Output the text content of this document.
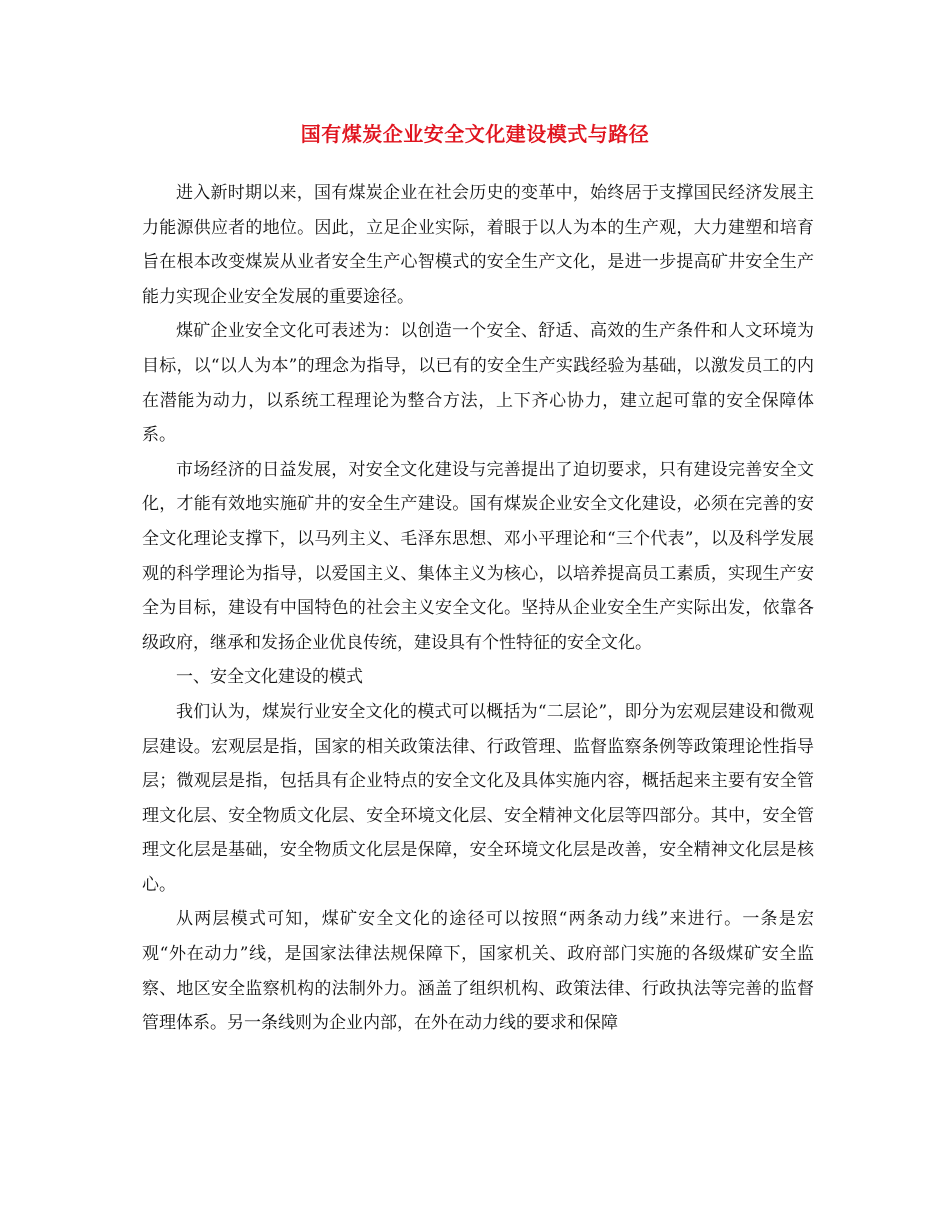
国有煤炭企业安全文化建设模式与路径

进入新时期以来，国有煤炭企业在社会历史的变革中，始终居于支撑国民经济发展主力能源供应者的地位。因此，立足企业实际，着眼于以人为本的生产观，大力建塑和培育旨在根本改变煤炭从业者安全生产心智模式的安全生产文化，是进一步提高矿井安全生产能力实现企业安全发展的重要途径。

煤矿企业安全文化可表述为：以创造一个安全、舒适、高效的生产条件和人文环境为目标，以“以人为本”的理念为指导，以已有的安全生产实践经验为基础，以激发员工的内在潜能为动力，以系统工程理论为整合方法，上下齐心协力，建立起可靠的安全保障体系。

市场经济的日益发展，对安全文化建设与完善提出了迫切要求，只有建设完善安全文化，才能有效地实施矿井的安全生产建设。国有煤炭企业安全文化建设，必须在完善的安全文化理论支撑下，以马列主义、毛泽东思想、邓小平理论和“三个代表”，以及科学发展观的科学理论为指导，以爱国主义、集体主义为核心，以培养提高员工素质，实现生产安全为目标，建设有中国特色的社会主义安全文化。坚持从企业安全生产实际出发，依靠各级政府，继承和发扬企业优良传统，建设具有个性特征的安全文化。

一、安全文化建设的模式

我们认为，煤炭行业安全文化的模式可以概括为“二层论”，即分为宏观层建设和微观层建设。宏观层是指，国家的相关政策法律、行政管理、监督监察条例等政策理论性指导层；微观层是指，包括具有企业特点的安全文化及具体实施内容，概括起来主要有安全管理文化层、安全物质文化层、安全环境文化层、安全精神文化层等四部分。其中，安全管理文化层是基础，安全物质文化层是保障，安全环境文化层是改善，安全精神文化层是核心。

从两层模式可知，煤矿安全文化的途径可以按照“两条动力线”来进行。一条是宏观“外在动力”线，是国家法律法规保障下，国家机关、政府部门实施的各级煤矿安全监察、地区安全监察机构的法制外力。涵盖了组织机构、政策法律、行政执法等完善的监督管理体系。另一条线则为企业内部，在外在动力线的要求和保障
